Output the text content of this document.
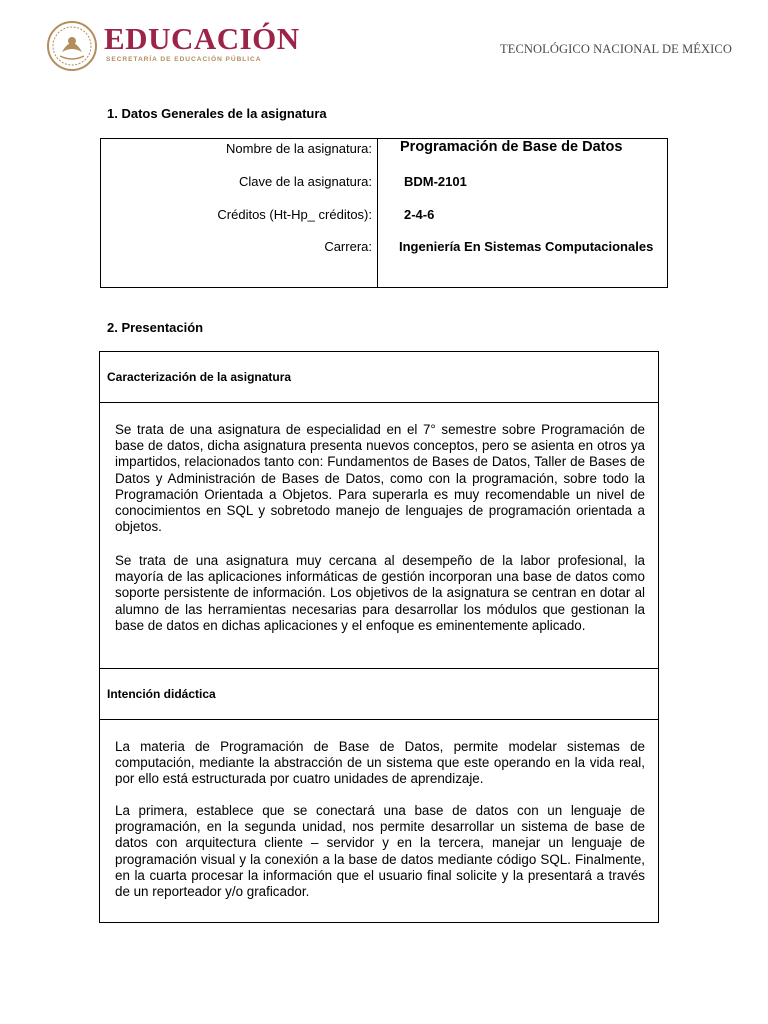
EDUCACIÓN
SECRETARÍA DE EDUCACIÓN PÚBLICA
TECNOLÓGICO NACIONAL DE MÉXICO
1. Datos Generales de la asignatura
Nombre de la asignatura: Programación de Base de Datos
Clave de la asignatura: BDM-2101
Créditos (Ht-Hp_ créditos): 2-4-6
Carrera: Ingeniería En Sistemas Computacionales
2. Presentación
Caracterización de la asignatura

Se trata de una asignatura de especialidad en el 7° semestre sobre Programación de base de datos, dicha asignatura presenta nuevos conceptos, pero se asienta en otros ya impartidos, relacionados tanto con: Fundamentos de Bases de Datos, Taller de Bases de Datos y Administración de Bases de Datos, como con la programación, sobre todo la Programación Orientada a Objetos. Para superarla es muy recomendable un nivel de conocimientos en SQL y sobretodo manejo de lenguajes de programación orientada a objetos.

Se trata de una asignatura muy cercana al desempeño de la labor profesional, la mayoría de las aplicaciones informáticas de gestión incorporan una base de datos como soporte persistente de información. Los objetivos de la asignatura se centran en dotar al alumno de las herramientas necesarias para desarrollar los módulos que gestionan la base de datos en dichas aplicaciones y el enfoque es eminentemente aplicado.

Intención didáctica

La materia de Programación de Base de Datos, permite modelar sistemas de computación, mediante la abstracción de un sistema que este operando en la vida real, por ello está estructurada por cuatro unidades de aprendizaje.

La primera, establece que se conectará una base de datos con un lenguaje de programación, en la segunda unidad, nos permite desarrollar un sistema de base de datos con arquitectura cliente – servidor y en la tercera, manejar un lenguaje de programación visual y la conexión a la base de datos mediante código SQL. Finalmente, en la cuarta procesar la información que el usuario final solicite y la presentará a través de un reporteador y/o graficador.
